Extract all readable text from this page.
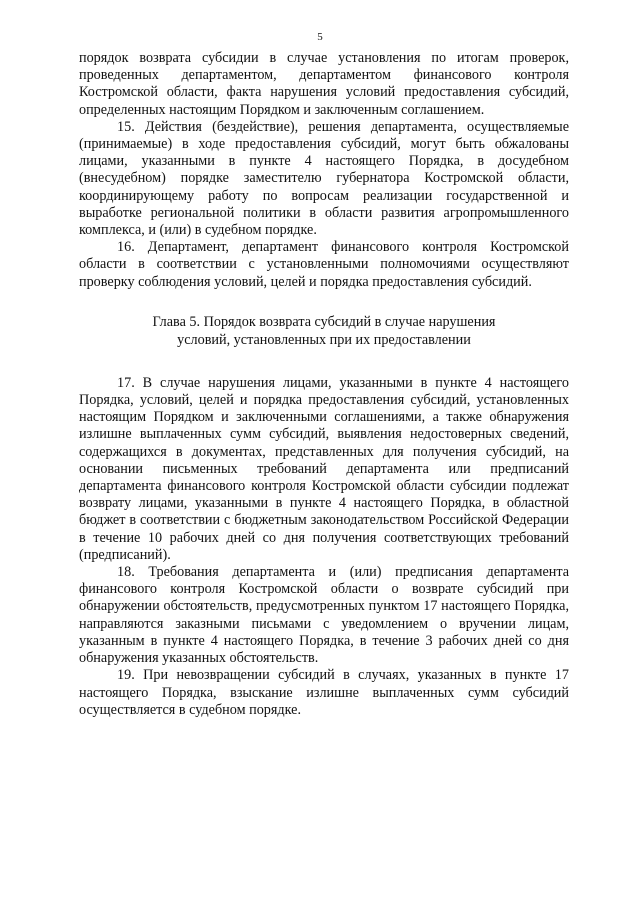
5

порядок возврата субсидии в случае установления по итогам проверок, проведенных департаментом, департаментом финансового контроля Костромской области, факта нарушения условий предоставления субсидий, определенных настоящим Порядком и заключенным соглашением.

15. Действия (бездействие), решения департамента, осуществляемые (принимаемые) в ходе предоставления субсидий, могут быть обжалованы лицами, указанными в пункте 4 настоящего Порядка, в досудебном (внесудебном) порядке заместителю губернатора Костромской области, координирующему работу по вопросам реализации государственной и выработке региональной политики в области развития агропромышленного комплекса, и (или) в судебном порядке.

16. Департамент, департамент финансового контроля Костромской области в соответствии с установленными полномочиями осуществляют проверку соблюдения условий, целей и порядка предоставления субсидий.

Глава 5. Порядок возврата субсидий в случае нарушения
условий, установленных при их предоставлении

17. В случае нарушения лицами, указанными в пункте 4 настоящего Порядка, условий, целей и порядка предоставления субсидий, установленных настоящим Порядком и заключенными соглашениями, а также обнаружения излишне выплаченных сумм субсидий, выявления недостоверных сведений, содержащихся в документах, представленных для получения субсидий, на основании письменных требований департамента или предписаний департамента финансового контроля Костромской области субсидии подлежат возврату лицами, указанными в пункте 4 настоящего Порядка, в областной бюджет в соответствии с бюджетным законодательством Российской Федерации в течение 10 рабочих дней со дня получения соответствующих требований (предписаний).

18. Требования департамента и (или) предписания департамента финансового контроля Костромской области о возврате субсидий при обнаружении обстоятельств, предусмотренных пунктом 17 настоящего Порядка, направляются заказными письмами с уведомлением о вручении лицам, указанным в пункте 4 настоящего Порядка, в течение 3 рабочих дней со дня обнаружения указанных обстоятельств.

19. При невозвращении субсидий в случаях, указанных в пункте 17 настоящего Порядка, взыскание излишне выплаченных сумм субсидий осуществляется в судебном порядке.
